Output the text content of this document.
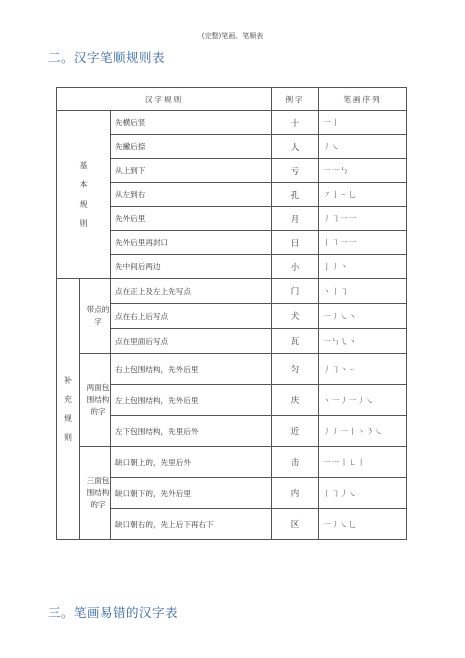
(完整)笔画、笔顺表
二。汉字笔顺规则表
汉字规则			例字	笔画序列

基本规则		先横后竖	十	一丨
		先撇后捺	人	丿㇏
		从上到下	亏	一一㇉
		从左到右	孔	㇇亅㇀乚
		先外后里	月	丿㇆一一
		先外后里再封口	日	丨㇕一一
		先中间后两边	小	亅丿丶

补充规则	带点的字	点在正上及左上先写点	门	丶丨㇆
		点在右上后写点	犬	一丿㇏丶
		点在里面后写点	瓦	一㇉㇂丶

	两面包围结构的字	右上包围结构，先外后里	匀	丿㇆丶㇀
		左上包围结构，先外后里	庆	丶一丿一丿㇏
		左下包围结构，先里后外	近	丿丿一丨丶㇋㇏

	三面包围结构的字	缺口朝上的，先里后外	击	一一丨㇄丨
		缺口朝下的，先外后里	内	丨㇆丿㇏
		缺口朝右的，先上后下再右下	区	一丿㇏乚
三。笔画易错的汉字表
